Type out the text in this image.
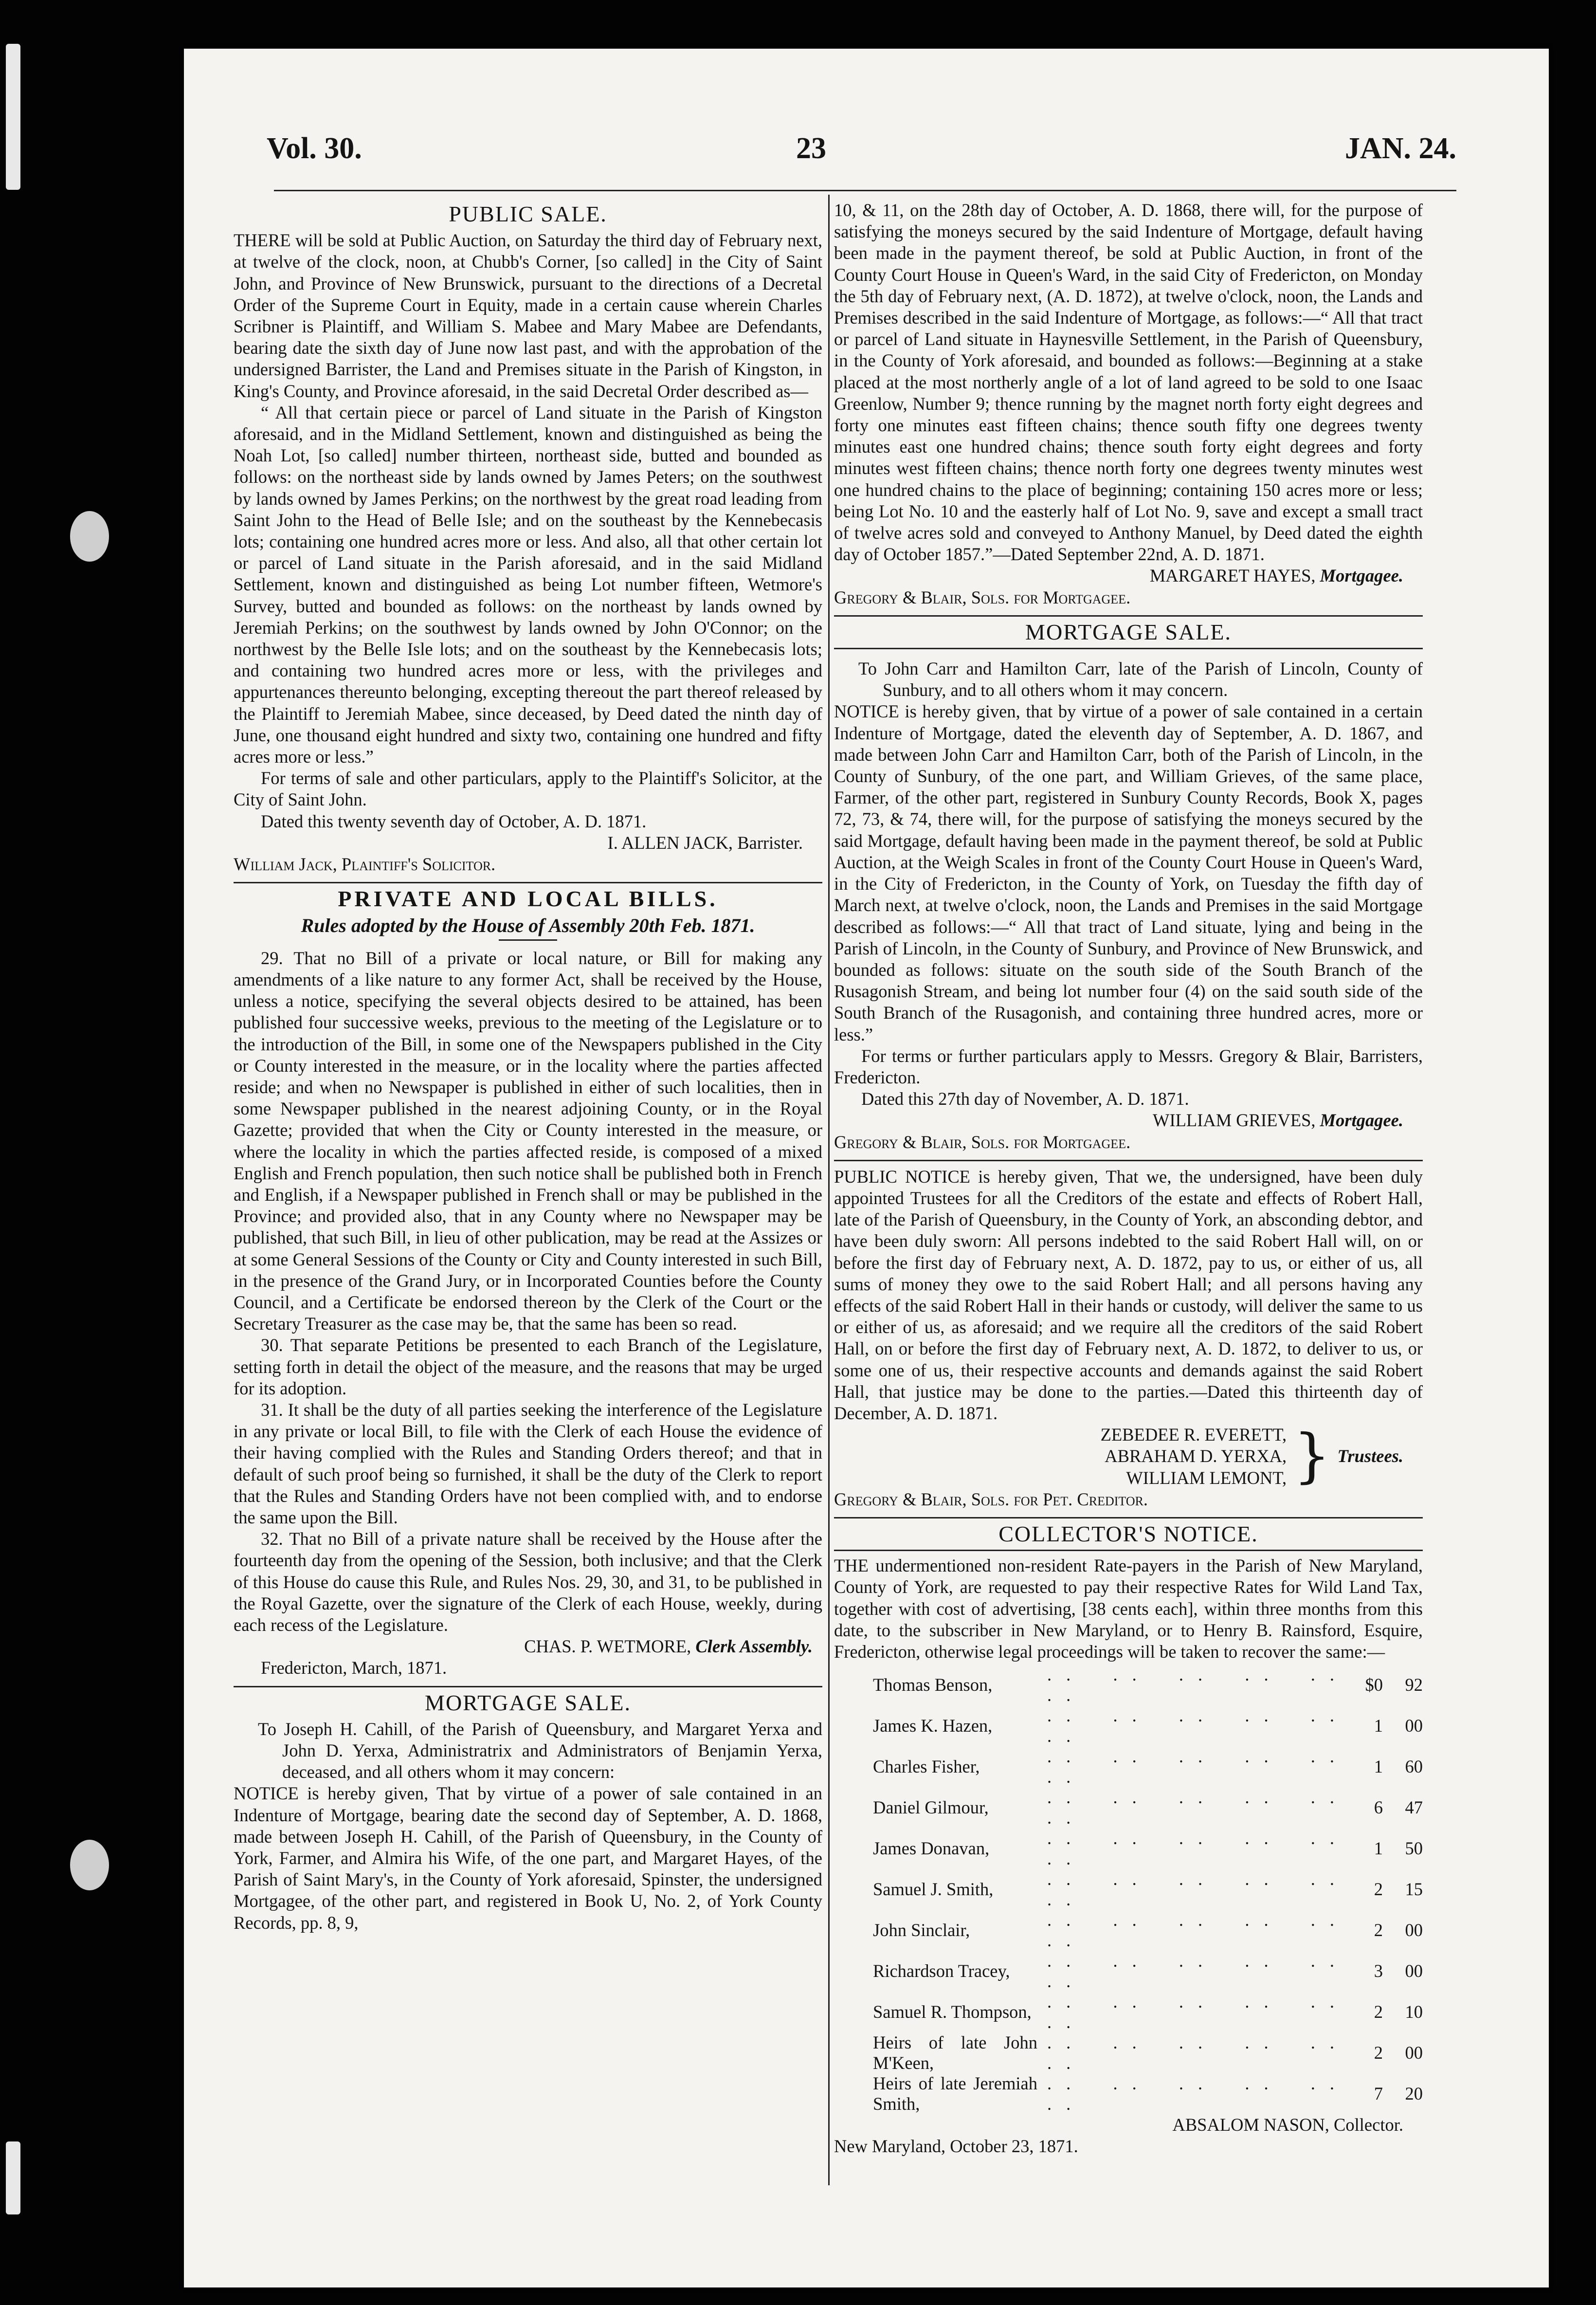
Vol. 30.	23	JAN. 24.
PUBLIC SALE.

THERE will be sold at Public Auction, on Saturday the third day of February next, at twelve of the clock, noon, at Chubb's Corner, [so called] in the City of Saint John, and Province of New Brunswick, pursuant to the directions of a Decretal Order of the Supreme Court in Equity, made in a certain cause wherein Charles Scribner is Plaintiff, and William S. Mabee and Mary Mabee are Defendants, bearing date the sixth day of June now last past, and with the approbation of the undersigned Barrister, the Land and Premises situate in the Parish of Kingston, in King's County, and Province aforesaid, in the said Decretal Order described as—

“ All that certain piece or parcel of Land situate in the Parish of Kingston aforesaid, and in the Midland Settlement, known and distinguished as being the Noah Lot, [so called] number thirteen, northeast side, butted and bounded as follows: on the northeast side by lands owned by James Peters; on the southwest by lands owned by James Perkins; on the northwest by the great road leading from Saint John to the Head of Belle Isle; and on the southeast by the Kennebecasis lots; containing one hundred acres more or less. And also, all that other certain lot or parcel of Land situate in the Parish aforesaid, and in the said Midland Settlement, known and distinguished as being Lot number fifteen, Wetmore's Survey, butted and bounded as follows: on the northeast by lands owned by Jeremiah Perkins; on the southwest by lands owned by John O'Connor; on the northwest by the Belle Isle lots; and on the southeast by the Kennebecasis lots; and containing two hundred acres more or less, with the privileges and appurtenances thereunto belonging, excepting thereout the part thereof released by the Plaintiff to Jeremiah Mabee, since deceased, by Deed dated the ninth day of June, one thousand eight hundred and sixty two, containing one hundred and fifty acres more or less.”

For terms of sale and other particulars, apply to the Plaintiff's Solicitor, at the City of Saint John.

Dated this twenty seventh day of October, A. D. 1871.

I. ALLEN JACK, Barrister.

William Jack, Plaintiff's Solicitor.

PRIVATE AND LOCAL BILLS.
Rules adopted by the House of Assembly 20th Feb. 1871.

29. That no Bill of a private or local nature, or Bill for making any amendments of a like nature to any former Act, shall be received by the House, unless a notice, specifying the several objects desired to be attained, has been published four successive weeks, previous to the meeting of the Legislature or to the introduction of the Bill, in some one of the Newspapers published in the City or County interested in the measure, or in the locality where the parties affected reside; and when no Newspaper is published in either of such localities, then in some Newspaper published in the nearest adjoining County, or in the Royal Gazette; provided that when the City or County interested in the measure, or where the locality in which the parties affected reside, is composed of a mixed English and French population, then such notice shall be published both in French and English, if a Newspaper published in French shall or may be published in the Province; and provided also, that in any County where no Newspaper may be published, that such Bill, in lieu of other publication, may be read at the Assizes or at some General Sessions of the County or City and County interested in such Bill, in the presence of the Grand Jury, or in Incorporated Counties before the County Council, and a Certificate be endorsed thereon by the Clerk of the Court or the Secretary Treasurer as the case may be, that the same has been so read.

30. That separate Petitions be presented to each Branch of the Legislature, setting forth in detail the object of the measure, and the reasons that may be urged for its adoption.

31. It shall be the duty of all parties seeking the interference of the Legislature in any private or local Bill, to file with the Clerk of each House the evidence of their having complied with the Rules and Standing Orders thereof; and that in default of such proof being so furnished, it shall be the duty of the Clerk to report that the Rules and Standing Orders have not been complied with, and to endorse the same upon the Bill.

32. That no Bill of a private nature shall be received by the House after the fourteenth day from the opening of the Session, both inclusive; and that the Clerk of this House do cause this Rule, and Rules Nos. 29, 30, and 31, to be published in the Royal Gazette, over the signature of the Clerk of each House, weekly, during each recess of the Legislature.

CHAS. P. WETMORE, Clerk Assembly.

Fredericton, March, 1871.

MORTGAGE SALE.

To Joseph H. Cahill, of the Parish of Queensbury, and Margaret Yerxa and John D. Yerxa, Administratrix and Administrators of Benjamin Yerxa, deceased, and all others whom it may concern:

NOTICE is hereby given, That by virtue of a power of sale contained in an Indenture of Mortgage, bearing date the second day of September, A. D. 1868, made between Joseph H. Cahill, of the Parish of Queensbury, in the County of York, Farmer, and Almira his Wife, of the one part, and Margaret Hayes, of the Parish of Saint Mary's, in the County of York aforesaid, Spinster, the undersigned Mortgagee, of the other part, and registered in Book U, No. 2, of York County Records, pp. 8, 9,

10, & 11, on the 28th day of October, A. D. 1868, there will, for the purpose of satisfying the moneys secured by the said Indenture of Mortgage, default having been made in the payment thereof, be sold at Public Auction, in front of the County Court House in Queen's Ward, in the said City of Fredericton, on Monday the 5th day of February next, (A. D. 1872), at twelve o'clock, noon, the Lands and Premises described in the said Indenture of Mortgage, as follows:—“ All that tract or parcel of Land situate in Haynesville Settlement, in the Parish of Queensbury, in the County of York aforesaid, and bounded as follows:—Beginning at a stake placed at the most northerly angle of a lot of land agreed to be sold to one Isaac Greenlow, Number 9; thence running by the magnet north forty eight degrees and forty one minutes east fifteen chains; thence south fifty one degrees twenty minutes east one hundred chains; thence south forty eight degrees and forty minutes west fifteen chains; thence north forty one degrees twenty minutes west one hundred chains to the place of beginning; containing 150 acres more or less; being Lot No. 10 and the easterly half of Lot No. 9, save and except a small tract of twelve acres sold and conveyed to Anthony Manuel, by Deed dated the eighth day of October 1857.”—Dated September 22nd, A. D. 1871.

MARGARET HAYES, Mortgagee.

Gregory & Blair, Sols. for Mortgagee.

MORTGAGE SALE.

To John Carr and Hamilton Carr, late of the Parish of Lincoln, County of Sunbury, and to all others whom it may concern.

NOTICE is hereby given, that by virtue of a power of sale contained in a certain Indenture of Mortgage, dated the eleventh day of September, A. D. 1867, and made between John Carr and Hamilton Carr, both of the Parish of Lincoln, in the County of Sunbury, of the one part, and William Grieves, of the same place, Farmer, of the other part, registered in Sunbury County Records, Book X, pages 72, 73, & 74, there will, for the purpose of satisfying the moneys secured by the said Mortgage, default having been made in the payment thereof, be sold at Public Auction, at the Weigh Scales in front of the County Court House in Queen's Ward, in the City of Fredericton, in the County of York, on Tuesday the fifth day of March next, at twelve o'clock, noon, the Lands and Premises in the said Mortgage described as follows:—“ All that tract of Land situate, lying and being in the Parish of Lincoln, in the County of Sunbury, and Province of New Brunswick, and bounded as follows: situate on the south side of the South Branch of the Rusagonish Stream, and being lot number four (4) on the said south side of the South Branch of the Rusagonish, and containing three hundred acres, more or less.”

For terms or further particulars apply to Messrs. Gregory & Blair, Barristers, Fredericton.

Dated this 27th day of November, A. D. 1871.

WILLIAM GRIEVES, Mortgagee.

Gregory & Blair, Sols. for Mortgagee.

PUBLIC NOTICE is hereby given, That we, the undersigned, have been duly appointed Trustees for all the Creditors of the estate and effects of Robert Hall, late of the Parish of Queensbury, in the County of York, an absconding debtor, and have been duly sworn: All persons indebted to the said Robert Hall will, on or before the first day of February next, A. D. 1872, pay to us, or either of us, all sums of money they owe to the said Robert Hall; and all persons having any effects of the said Robert Hall in their hands or custody, will deliver the same to us or either of us, as aforesaid; and we require all the creditors of the said Robert Hall, on or before the first day of February next, A. D. 1872, to deliver to us, or some one of us, their respective accounts and demands against the said Robert Hall, that justice may be done to the parties.—Dated this thirteenth day of December, A. D. 1871.

ZEBEDEE R. EVERETT,
ABRAHAM D. YERXA,
WILLIAM LEMONT, } Trustees.

Gregory & Blair, Sols. for Pet. Creditor.

COLLECTOR'S NOTICE.

THE undermentioned non-resident Rate-payers in the Parish of New Maryland, County of York, are requested to pay their respective Rates for Wild Land Tax, together with cost of advertising, [38 cents each], within three months from this date, to the subscriber in New Maryland, or to Henry B. Rainsford, Esquire, Fredericton, otherwise legal proceedings will be taken to recover the same:—

Thomas Benson,	.. .. .. .. .. ..	$0	92
James K. Hazen,	.. .. .. .. .. ..	1	00
Charles Fisher,	.. .. .. .. .. ..	1	60
Daniel Gilmour,	.. .. .. .. .. ..	6	47
James Donavan,	.. .. .. .. .. ..	1	50
Samuel J. Smith,	.. .. .. .. .. ..	2	15
John Sinclair,	.. .. .. .. .. ..	2	00
Richardson Tracey,	.. .. .. .. .. ..	3	00
Samuel R. Thompson,	.. .. .. .. .. ..	2	10
Heirs of late John M'Keen,	.. .. .. .. .. ..	2	00
Heirs of late Jeremiah Smith,	.. .. .. .. .. ..	7	20
ABSALOM NASON, Collector.

New Maryland, October 23, 1871.
